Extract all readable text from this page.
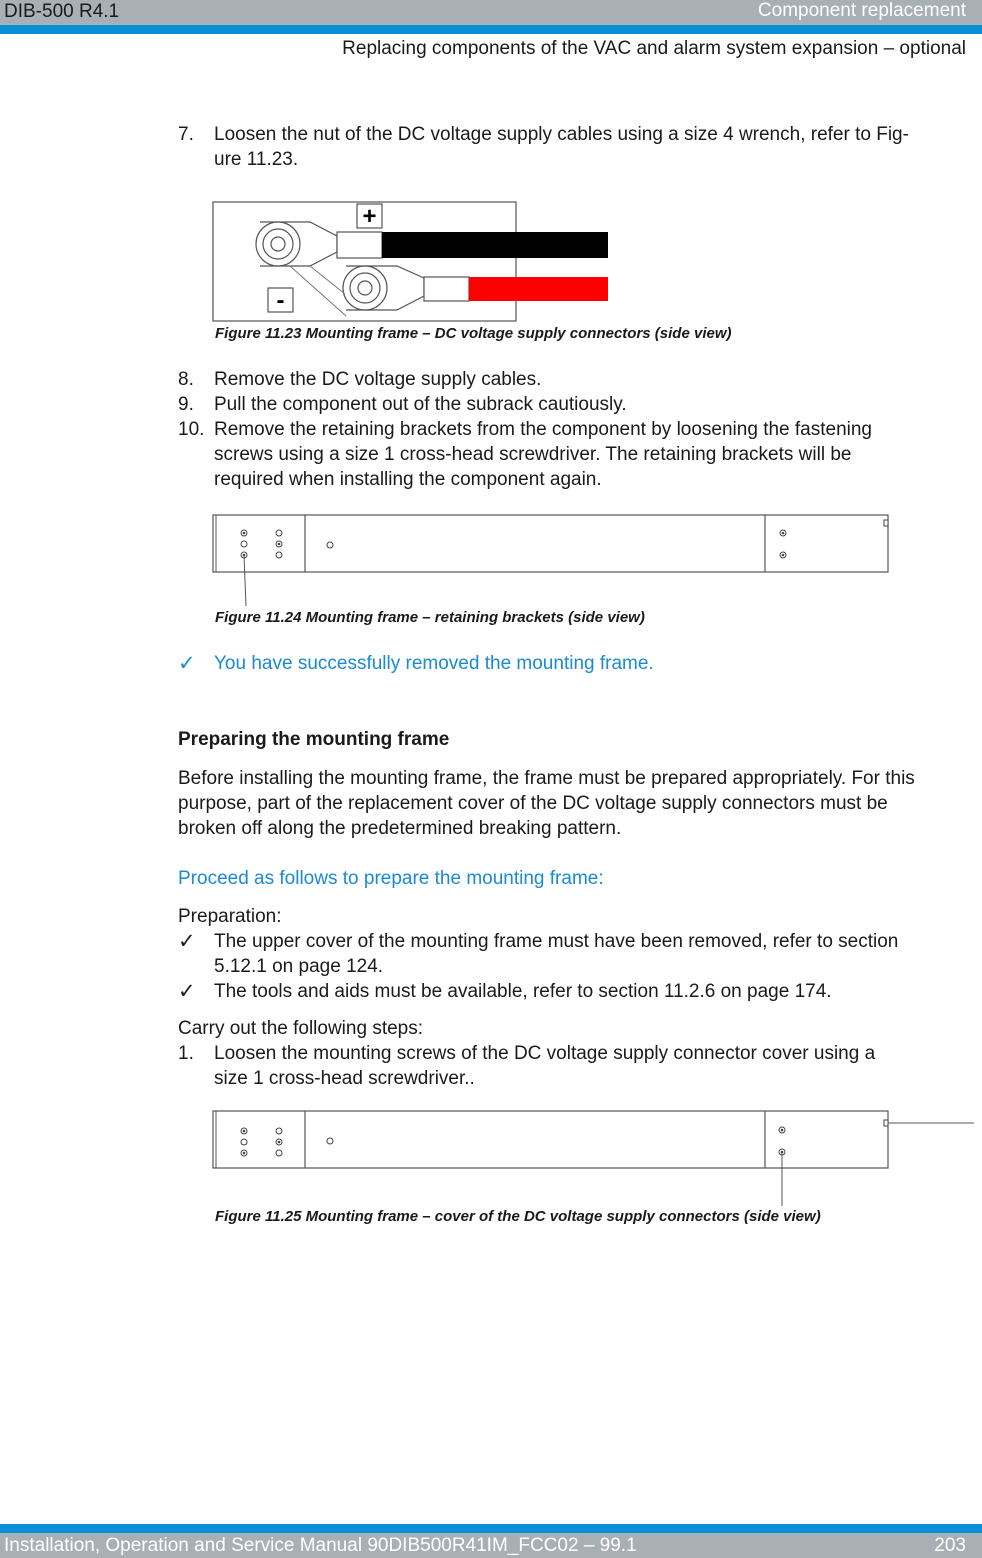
DIB-500 R4.1	Component replacement
Replacing components of the VAC and alarm system expansion – optional
7. Loosen the nut of the DC voltage supply cables using a size 4 wrench, refer to Fig-
ure 11.23.
+
-
Figure 11.23 Mounting frame – DC voltage supply connectors (side view)
8. Remove the DC voltage supply cables.
9. Pull the component out of the subrack cautiously.
10. Remove the retaining brackets from the component by loosening the fastening
screws using a size 1 cross-head screwdriver. The retaining brackets will be
required when installing the component again.
Figure 11.24 Mounting frame – retaining brackets (side view)
✓ You have successfully removed the mounting frame.
Preparing the mounting frame
Before installing the mounting frame, the frame must be prepared appropriately. For this
purpose, part of the replacement cover of the DC voltage supply connectors must be
broken off along the predetermined breaking pattern.
Proceed as follows to prepare the mounting frame:
Preparation:
✓ The upper cover of the mounting frame must have been removed, refer to section
5.12.1 on page 124.
✓ The tools and aids must be available, refer to section 11.2.6 on page 174.
Carry out the following steps:
1. Loosen the mounting screws of the DC voltage supply connector cover using a
size 1 cross-head screwdriver..
Figure 11.25 Mounting frame – cover of the DC voltage supply connectors (side view)
Installation, Operation and Service Manual 90DIB500R41IM_FCC02 – 99.1	203
